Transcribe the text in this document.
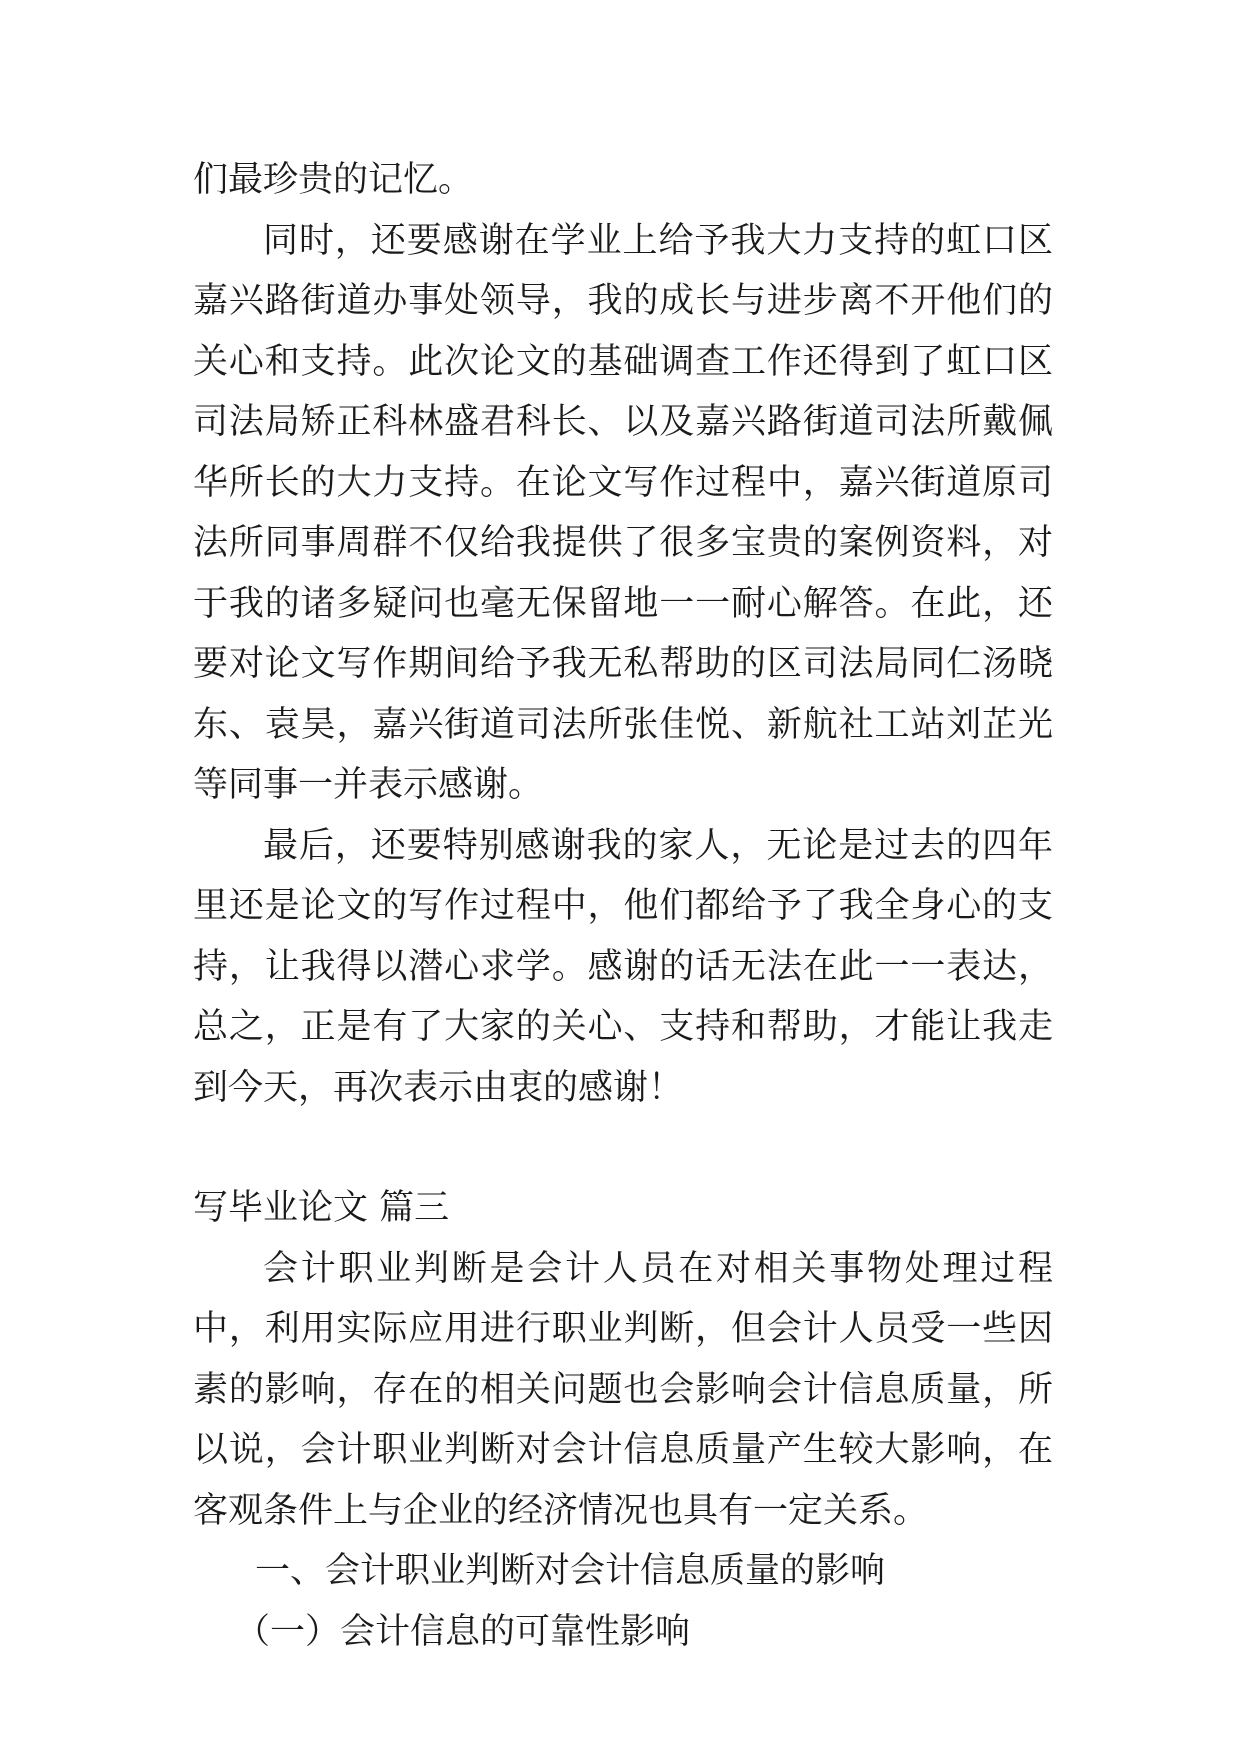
们最珍贵的记忆。

同时，还要感谢在学业上给予我大力支持的虹口区嘉兴路街道办事处领导，我的成长与进步离不开他们的关心和支持。此次论文的基础调查工作还得到了虹口区司法局矫正科林盛君科长、以及嘉兴路街道司法所戴佩华所长的大力支持。在论文写作过程中，嘉兴街道原司法所同事周群不仅给我提供了很多宝贵的案例资料，对于我的诸多疑问也毫无保留地一一耐心解答。在此，还要对论文写作期间给予我无私帮助的区司法局同仁汤晓东、袁昊，嘉兴街道司法所张佳悦、新航社工站刘芷光等同事一并表示感谢。

最后，还要特别感谢我的家人，无论是过去的四年里还是论文的写作过程中，他们都给予了我全身心的支持，让我得以潜心求学。感谢的话无法在此一一表达，总之，正是有了大家的关心、支持和帮助，才能让我走到今天，再次表示由衷的感谢！

写毕业论文 篇三

会计职业判断是会计人员在对相关事物处理过程中，利用实际应用进行职业判断，但会计人员受一些因素的影响，存在的相关问题也会影响会计信息质量，所以说，会计职业判断对会计信息质量产生较大影响，在客观条件上与企业的经济情况也具有一定关系。

一、会计职业判断对会计信息质量的影响

（一）会计信息的可靠性影响
